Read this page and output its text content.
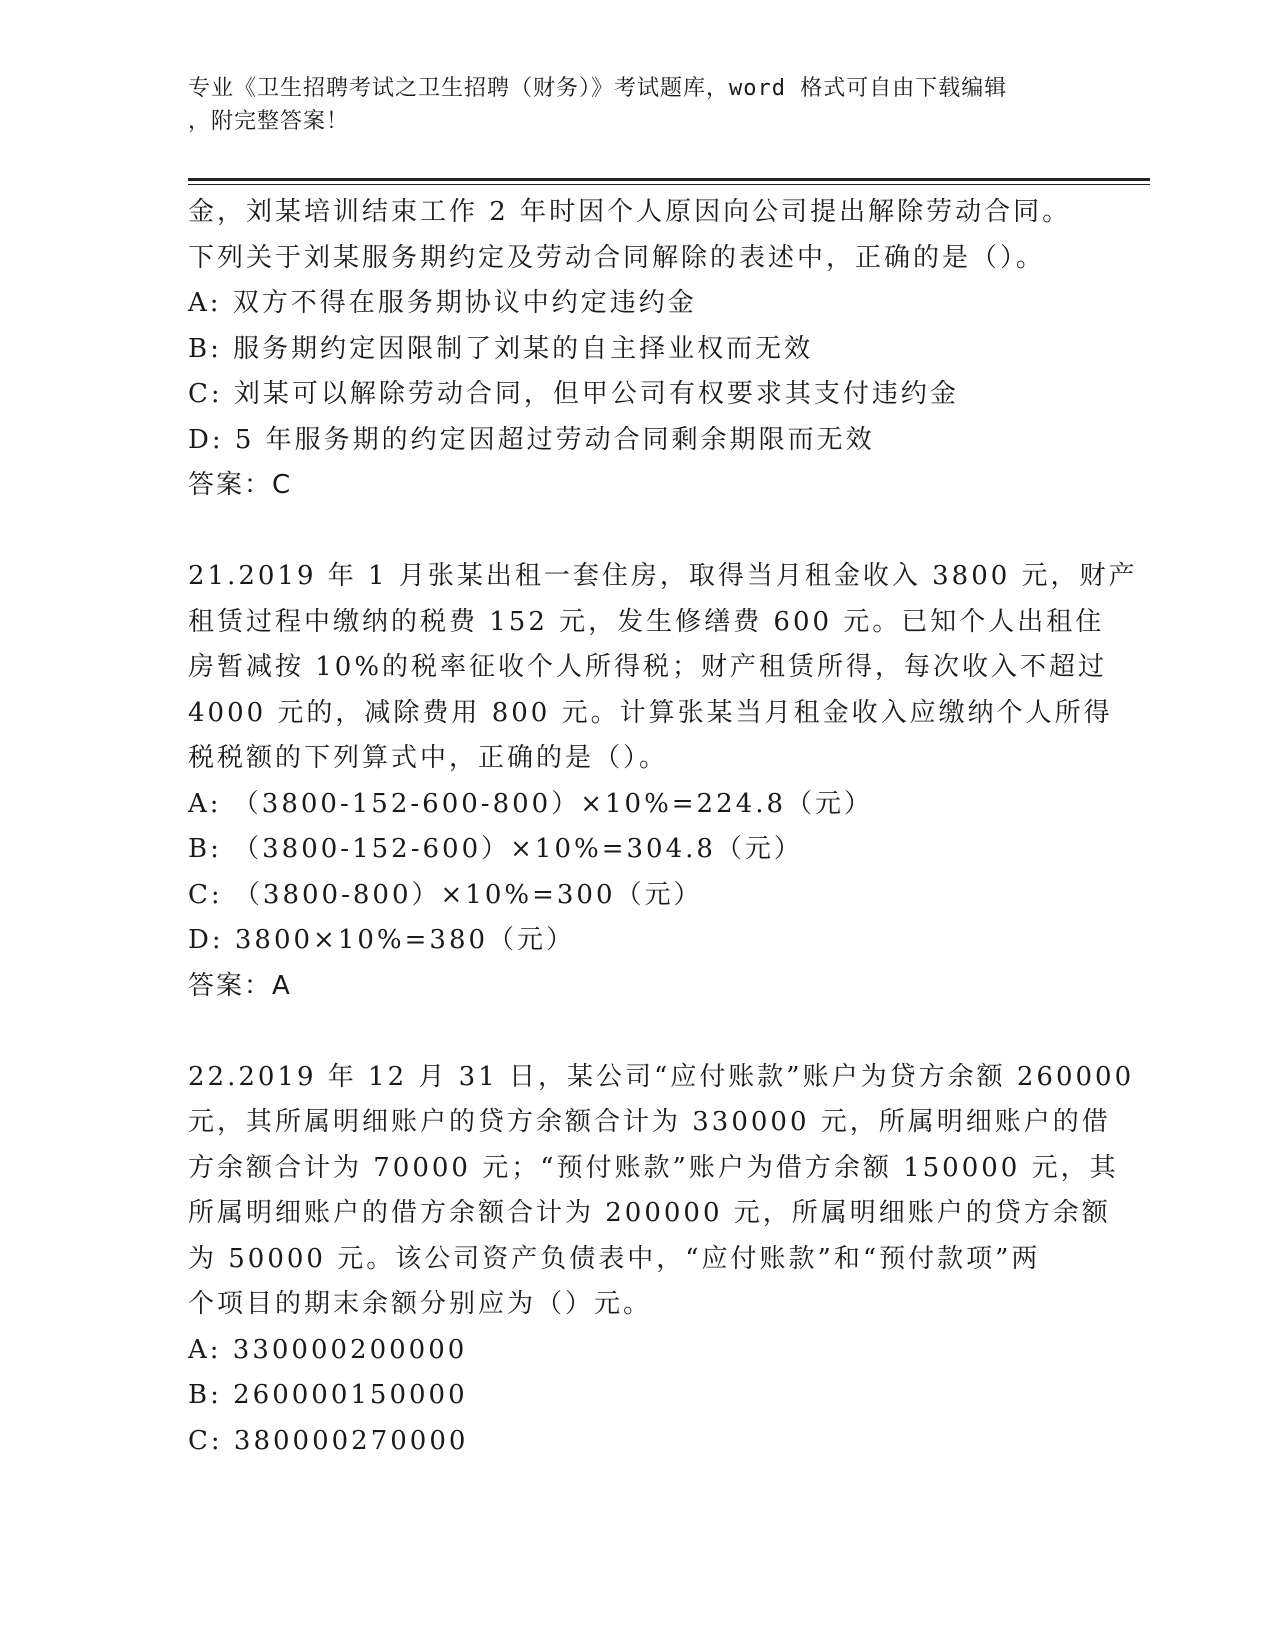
专业《卫生招聘考试之卫生招聘（财务）》考试题库，word 格式可自由下载编辑
，附完整答案！
金，刘某培训结束工作 2 年时因个人原因向公司提出解除劳动合同。
下列关于刘某服务期约定及劳动合同解除的表述中，正确的是（）。
A: 双方不得在服务期协议中约定违约金
B: 服务期约定因限制了刘某的自主择业权而无效
C: 刘某可以解除劳动合同，但甲公司有权要求其支付违约金
D: 5 年服务期的约定因超过劳动合同剩余期限而无效
答案：C
21.2019 年 1 月张某出租一套住房，取得当月租金收入 3800 元，财产
租赁过程中缴纳的税费 152 元，发生修缮费 600 元。已知个人出租住
房暂减按 10%的税率征收个人所得税；财产租赁所得，每次收入不超过
4000 元的，减除费用 800 元。计算张某当月租金收入应缴纳个人所得
税税额的下列算式中，正确的是（）。
A: （3800-152-600-800）×10%=224.8（元）
B: （3800-152-600）×10%=304.8（元）
C: （3800-800）×10%=300（元）
D: 3800×10%=380（元）
答案：A
22.2019 年 12 月 31 日，某公司“应付账款”账户为贷方余额 260000
元，其所属明细账户的贷方余额合计为 330000 元，所属明细账户的借
方余额合计为 70000 元；“预付账款”账户为借方余额 150000 元，其
所属明细账户的借方余额合计为 200000 元，所属明细账户的贷方余额
为 50000 元。该公司资产负债表中，“应付账款”和“预付款项”两
个项目的期末余额分别应为（）元。
A: 330000200000
B: 260000150000
C: 380000270000
